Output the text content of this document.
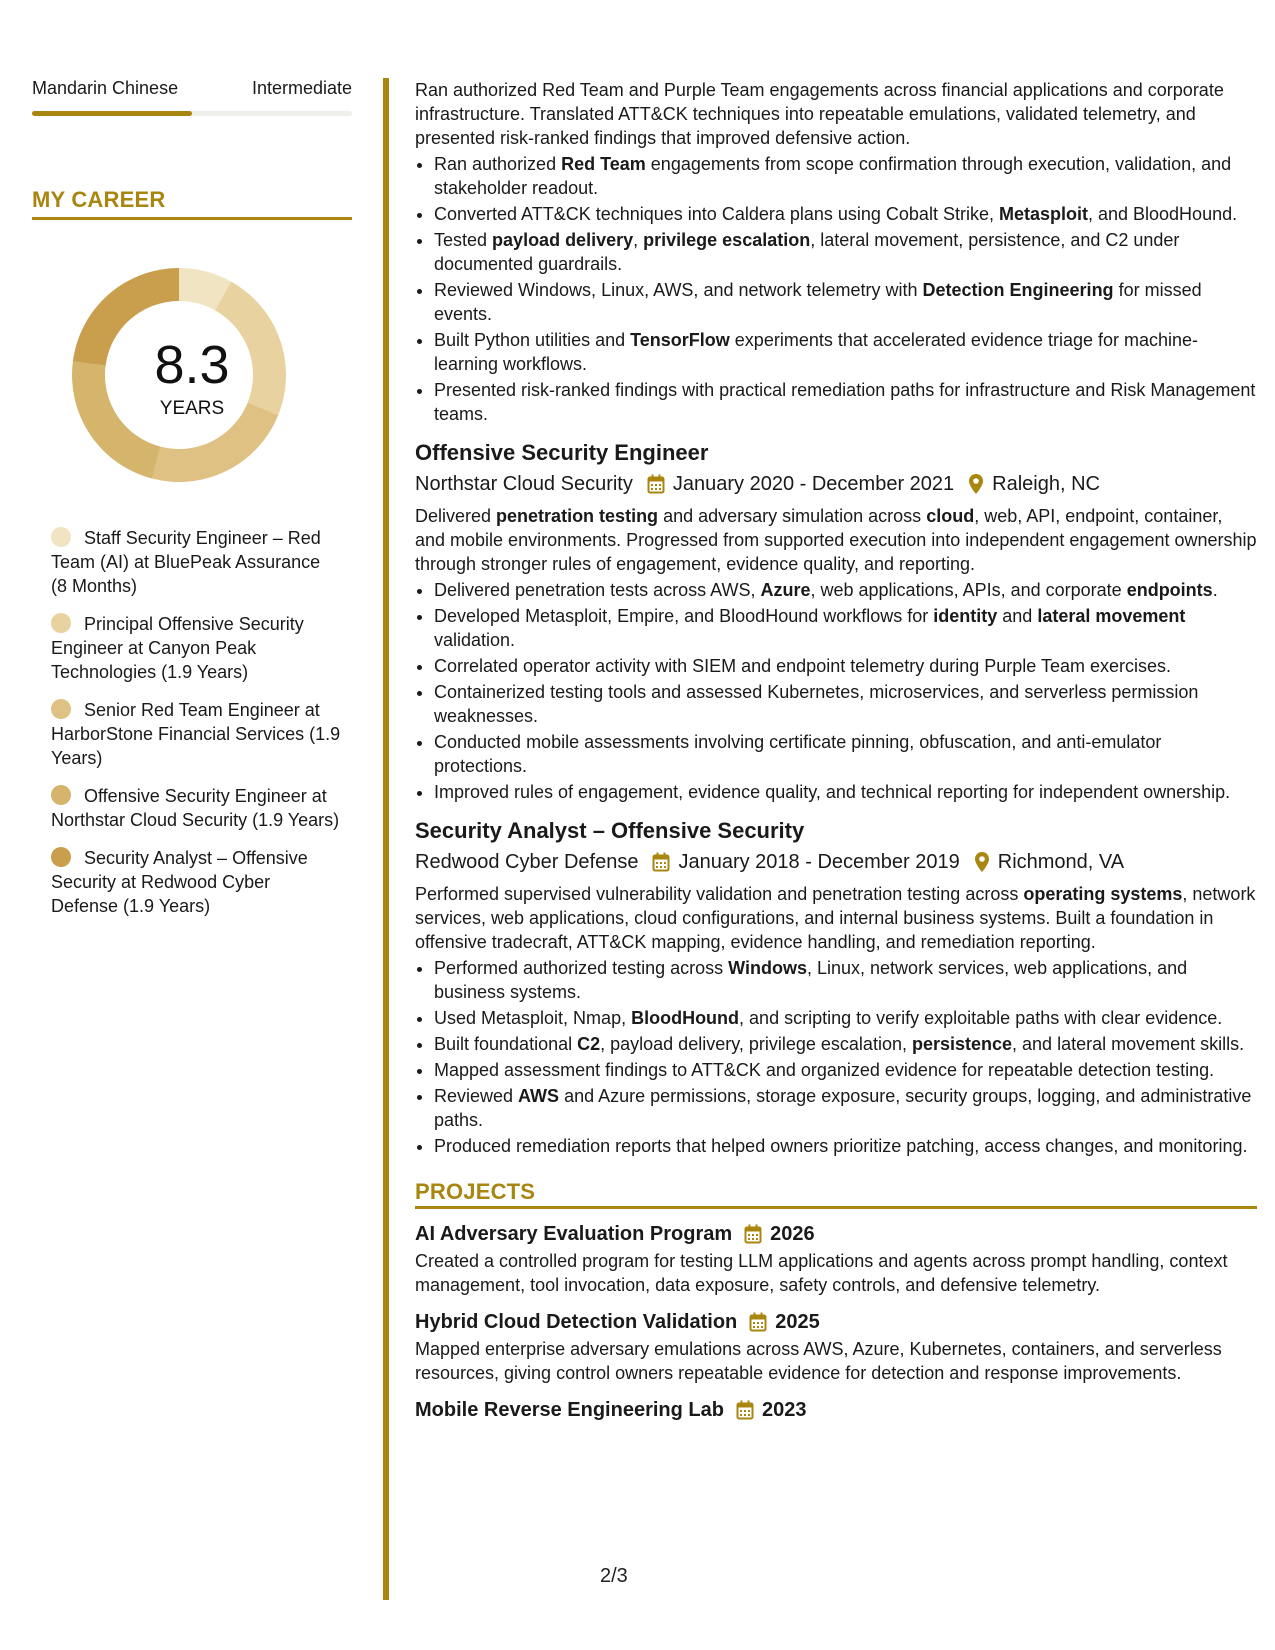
Mandarin Chinese	Intermediate
MY CAREER
8.3
YEARS
Staff Security Engineer – Red Team (AI) at BluePeak Assurance (8 Months)
Principal Offensive Security Engineer at Canyon Peak Technologies (1.9 Years)
Senior Red Team Engineer at HarborStone Financial Services (1.9 Years)
Offensive Security Engineer at Northstar Cloud Security (1.9 Years)
Security Analyst – Offensive Security at Redwood Cyber Defense (1.9 Years)

Ran authorized Red Team and Purple Team engagements across financial applications and corporate infrastructure. Translated ATT&CK techniques into repeatable emulations, validated telemetry, and presented risk-ranked findings that improved defensive action.

• Ran authorized Red Team engagements from scope confirmation through execution, validation, and stakeholder readout.
• Converted ATT&CK techniques into Caldera plans using Cobalt Strike, Metasploit, and BloodHound.
• Tested payload delivery, privilege escalation, lateral movement, persistence, and C2 under documented guardrails.
• Reviewed Windows, Linux, AWS, and network telemetry with Detection Engineering for missed events.
• Built Python utilities and TensorFlow experiments that accelerated evidence triage for machine-learning workflows.
• Presented risk-ranked findings with practical remediation paths for infrastructure and Risk Management teams.
Offensive Security Engineer
Northstar Cloud Security January 2020 - December 2021 Raleigh, NC

Delivered penetration testing and adversary simulation across cloud, web, API, endpoint, container, and mobile environments. Progressed from supported execution into independent engagement ownership through stronger rules of engagement, evidence quality, and reporting.

• Delivered penetration tests across AWS, Azure, web applications, APIs, and corporate endpoints.
• Developed Metasploit, Empire, and BloodHound workflows for identity and lateral movement validation.
• Correlated operator activity with SIEM and endpoint telemetry during Purple Team exercises.
• Containerized testing tools and assessed Kubernetes, microservices, and serverless permission weaknesses.
• Conducted mobile assessments involving certificate pinning, obfuscation, and anti-emulator protections.
• Improved rules of engagement, evidence quality, and technical reporting for independent ownership.
Security Analyst – Offensive Security
Redwood Cyber Defense January 2018 - December 2019 Richmond, VA

Performed supervised vulnerability validation and penetration testing across operating systems, network services, web applications, cloud configurations, and internal business systems. Built a foundation in offensive tradecraft, ATT&CK mapping, evidence handling, and remediation reporting.

• Performed authorized testing across Windows, Linux, network services, web applications, and business systems.
• Used Metasploit, Nmap, BloodHound, and scripting to verify exploitable paths with clear evidence.
• Built foundational C2, payload delivery, privilege escalation, persistence, and lateral movement skills.
• Mapped assessment findings to ATT&CK and organized evidence for repeatable detection testing.
• Reviewed AWS and Azure permissions, storage exposure, security groups, logging, and administrative paths.
• Produced remediation reports that helped owners prioritize patching, access changes, and monitoring.
PROJECTS
AI Adversary Evaluation Program 2026

Created a controlled program for testing LLM applications and agents across prompt handling, context management, tool invocation, data exposure, safety controls, and defensive telemetry.

Hybrid Cloud Detection Validation 2025

Mapped enterprise adversary emulations across AWS, Azure, Kubernetes, containers, and serverless resources, giving control owners repeatable evidence for detection and response improvements.

Mobile Reverse Engineering Lab 2023
2/3
